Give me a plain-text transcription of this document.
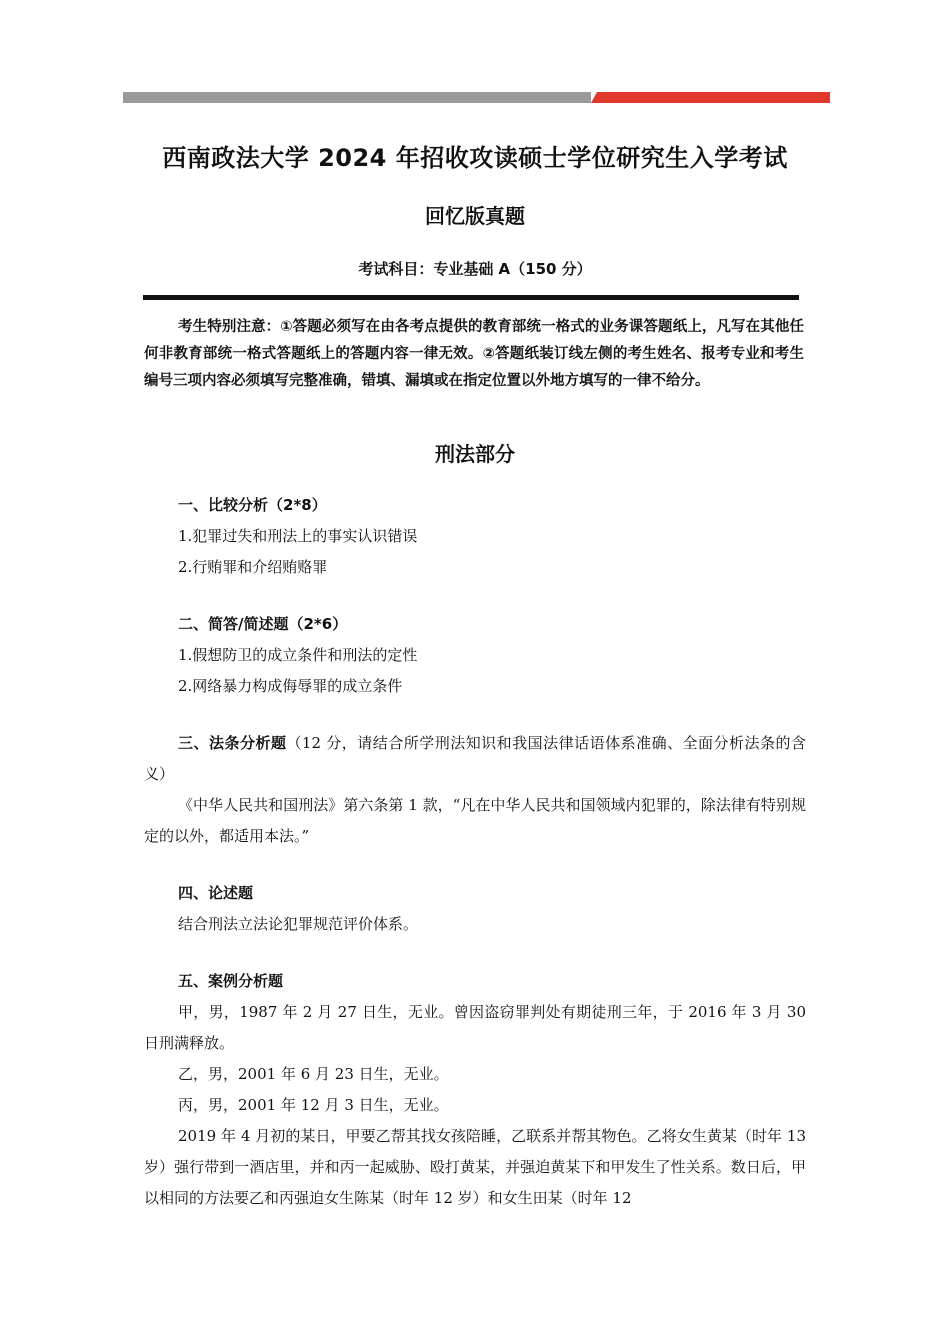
西南政法大学 2024 年招收攻读硕士学位研究生入学考试
回忆版真题
考试科目：专业基础 A（150 分）
考生特别注意：①答题必须写在由各考点提供的教育部统一格式的业务课答题纸上，凡写在其他任何非教育部统一格式答题纸上的答题内容一律无效。②答题纸装订线左侧的考生姓名、报考专业和考生编号三项内容必须填写完整准确，错填、漏填或在指定位置以外地方填写的一律不给分。
刑法部分
一、比较分析（2*8）
1.犯罪过失和刑法上的事实认识错误
2.行贿罪和介绍贿赂罪
二、简答/简述题（2*6）
1.假想防卫的成立条件和刑法的定性
2.网络暴力构成侮辱罪的成立条件
三、法条分析题（12 分，请结合所学刑法知识和我国法律话语体系准确、全面分析法条的含义）
《中华人民共和国刑法》第六条第 1 款，“凡在中华人民共和国领域内犯罪的，除法律有特别规定的以外，都适用本法。”
四、论述题
结合刑法立法论犯罪规范评价体系。
五、案例分析题
甲，男，1987 年 2 月 27 日生，无业。曾因盗窃罪判处有期徒刑三年，于 2016 年 3 月 30 日刑满释放。
乙，男，2001 年 6 月 23 日生，无业。
丙，男，2001 年 12 月 3 日生，无业。
2019 年 4 月初的某日，甲要乙帮其找女孩陪睡，乙联系并帮其物色。乙将女生黄某（时年 13 岁）强行带到一酒店里，并和丙一起威胁、殴打黄某，并强迫黄某下和甲发生了性关系。数日后，甲以相同的方法要乙和丙强迫女生陈某（时年 12 岁）和女生田某（时年 12
